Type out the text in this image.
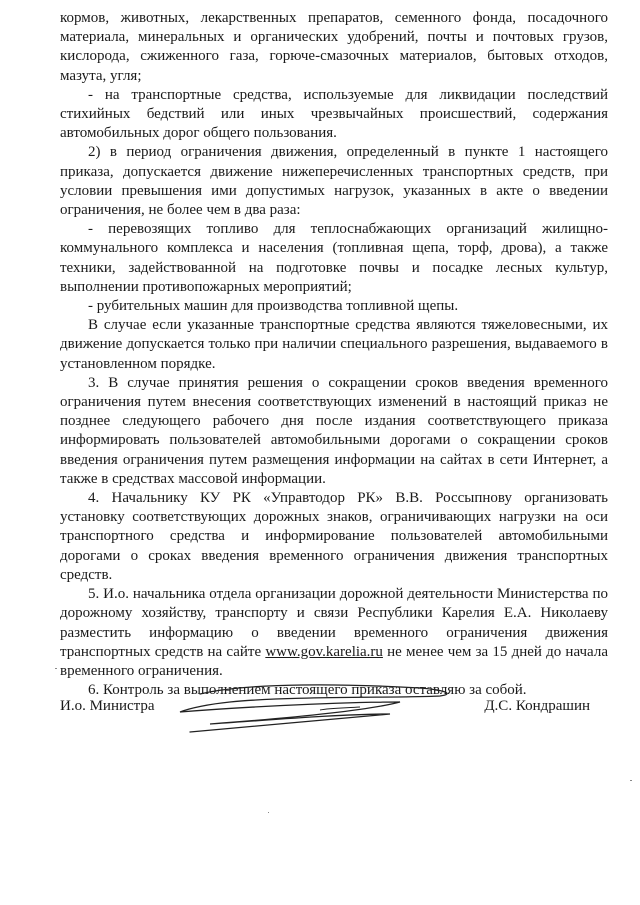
кормов, животных, лекарственных препаратов, семенного фонда, посадочного материала, минеральных и органических удобрений, почты и почтовых грузов, кислорода, сжиженного газа, горюче-смазочных материалов, бытовых отходов, мазута, угля;

- на транспортные средства, используемые для ликвидации последствий стихийных бедствий или иных чрезвычайных происшествий, содержания автомобильных дорог общего пользования.

2) в период ограничения движения, определенный в пункте 1 настоящего приказа, допускается движение нижеперечисленных транспортных средств, при условии превышения ими допустимых нагрузок, указанных в акте о введении ограничения, не более чем в два раза:

- перевозящих топливо для теплоснабжающих организаций жилищно-коммунального комплекса и населения (топливная щепа, торф, дрова), а также техники, задействованной на подготовке почвы и посадке лесных культур, выполнении противопожарных мероприятий;

- рубительных машин для производства топливной щепы.

В случае если указанные транспортные средства являются тяжеловесными, их движение допускается только при наличии специального разрешения, выдаваемого в установленном порядке.

3. В случае принятия решения о сокращении сроков введения временного ограничения путем внесения соответствующих изменений в настоящий приказ не позднее следующего рабочего дня после издания соответствующего приказа информировать пользователей автомобильными дорогами о сокращении сроков введения ограничения путем размещения информации на сайтах в сети Интернет, а также в средствах массовой информации.

4. Начальнику КУ РК «Управтодор РК» В.В. Россыпнову организовать установку соответствующих дорожных знаков, ограничивающих нагрузки на оси транспортного средства и информирование пользователей автомобильными дорогами о сроках введения временного ограничения движения транспортных средств.

5. И.о. начальника отдела организации дорожной деятельности Министерства по дорожному хозяйству, транспорту и связи Республики Карелия Е.А. Николаеву разместить информацию о введении временного ограничения движения транспортных средств на сайте www.gov.karelia.ru не менее чем за 15 дней до начала временного ограничения.

6. Контроль за выполнением настоящего приказа оставляю за собой.

И.о. Министра	Д.С. Кондрашин
